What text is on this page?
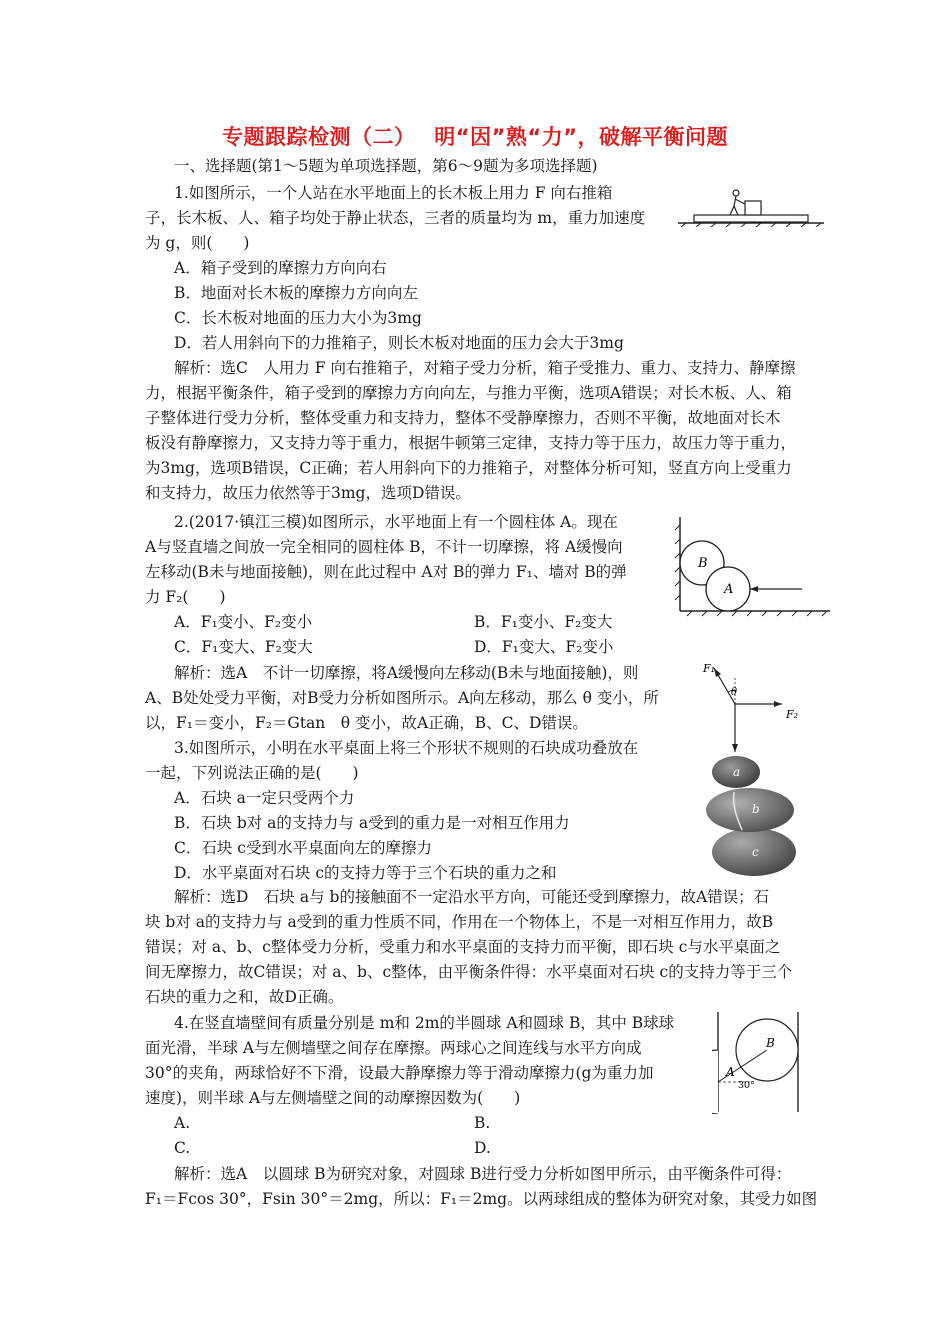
专题跟踪检测（二）　 明“因”熟“力”，破解平衡问题
一、选择题(第1～5题为单项选择题，第6～9题为多项选择题)
1.如图所示，一个人站在水平地面上的长木板上用力 F 向右推箱
子，长木板、人、箱子均处于静止状态，三者的质量均为 m，重力加速度
为 g，则(　　)
A．箱子受到的摩擦力方向向右
B．地面对长木板的摩擦力方向向左
C．长木板对地面的压力大小为3mg
D．若人用斜向下的力推箱子，则长木板对地面的压力会大于3mg
解析：选C　人用力 F 向右推箱子，对箱子受力分析，箱子受推力、重力、支持力、静摩擦
力，根据平衡条件，箱子受到的摩擦力方向向左，与推力平衡，选项A错误；对长木板、人、箱
子整体进行受力分析，整体受重力和支持力，整体不受静摩擦力，否则不平衡，故地面对长木
板没有静摩擦力，又支持力等于重力，根据牛顿第三定律，支持力等于压力，故压力等于重力，
为3mg，选项B错误，C正确；若人用斜向下的力推箱子，对整体分析可知，竖直方向上受重力
和支持力，故压力依然等于3mg，选项D错误。
2.(2017·镇江三模)如图所示，水平地面上有一个圆柱体 A。现在
A与竖直墙之间放一完全相同的圆柱体 B，不计一切摩擦，将 A缓慢向
左移动(B未与地面接触)，则在此过程中 A对 B的弹力 F₁、墙对 B的弹
力 F₂(　　)
A．F₁变小、F₂变小	B．F₁变小、F₂变大
C．F₁变大、F₂变大	D．F₁变大、F₂变小
解析：选A　不计一切摩擦，将A缓慢向左移动(B未与地面接触)，则
A、B处处受力平衡，对B受力分析如图所示。A向左移动，那么 θ 变小，所
以，F₁＝变小，F₂＝Gtan　θ 变小，故A正确，B、C、D错误。
B
A
F₁
F₂
θ
3.如图所示，小明在水平桌面上将三个形状不规则的石块成功叠放在
一起，下列说法正确的是(　　)
A．石块 a一定只受两个力
B．石块 b对 a的支持力与 a受到的重力是一对相互作用力
C．石块 c受到水平桌面向左的摩擦力
D．水平桌面对石块 c的支持力等于三个石块的重力之和
解析：选D　石块 a与 b的接触面不一定沿水平方向，可能还受到摩擦力，故A错误；石
块 b对 a的支持力与 a受到的重力性质不同，作用在一个物体上，不是一对相互作用力，故B
错误；对 a、b、c整体受力分析，受重力和水平桌面的支持力而平衡，即石块 c与水平桌面之
间无摩擦力，故C错误；对 a、b、c整体，由平衡条件得：水平桌面对石块 c的支持力等于三个
石块的重力之和，故D正确。
a
b
c
4.在竖直墙壁间有质量分别是 m和 2m的半圆球 A和圆球 B，其中 B球球
面光滑，半球 A与左侧墙壁之间存在摩擦。两球心之间连线与水平方向成
30°的夹角，两球恰好不下滑，设最大静摩擦力等于滑动摩擦力(g为重力加
速度)，则半球 A与左侧墙壁之间的动摩擦因数为(　　)
A.	B.
C.	D.
解析：选A　以圆球 B为研究对象，对圆球 B进行受力分析如图甲所示，由平衡条件可得：
F₁＝Fcos 30°，Fsin 30°＝2mg，所以：F₁＝2mg。以两球组成的整体为研究对象，其受力如图
A
B
30°
